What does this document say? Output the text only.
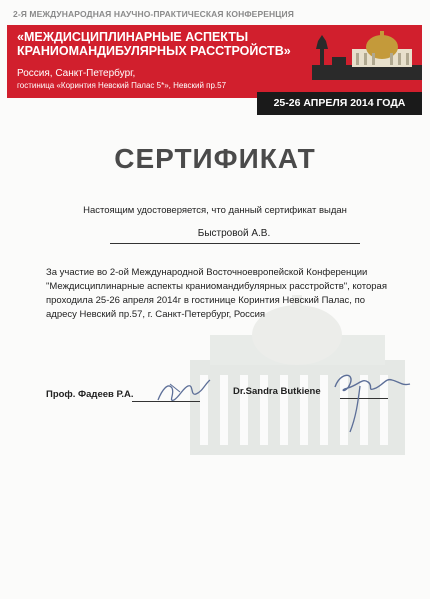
2-Я МЕЖДУНАРОДНАЯ НАУЧНО-ПРАКТИЧЕСКАЯ КОНФЕРЕНЦИЯ
«МЕЖДИСЦИПЛИНАРНЫЕ АСПЕКТЫ
КРАНИОМАНДИБУЛЯРНЫХ РАССТРОЙСТВ»
Россия, Санкт-Петербург,
гостиница «Коринтия Невский Палас 5*», Невский пр.57
25-26 АПРЕЛЯ 2014 ГОДА
СЕРТИФИКАТ
Настоящим удостоверяется, что данный сертификат выдан
Быстровой А.В.
За участие во 2-ой Международной Восточноевропейской Конференции "Междисциплинарные аспекты краниомандибулярных расстройств", которая проходила 25-26 апреля 2014г в гостинице Коринтия Невский Палас, по адресу Невский пр.57, г. Санкт-Петербург, Россия
Проф. Фадеев Р.А.	Dr.Sandra Butkiene
